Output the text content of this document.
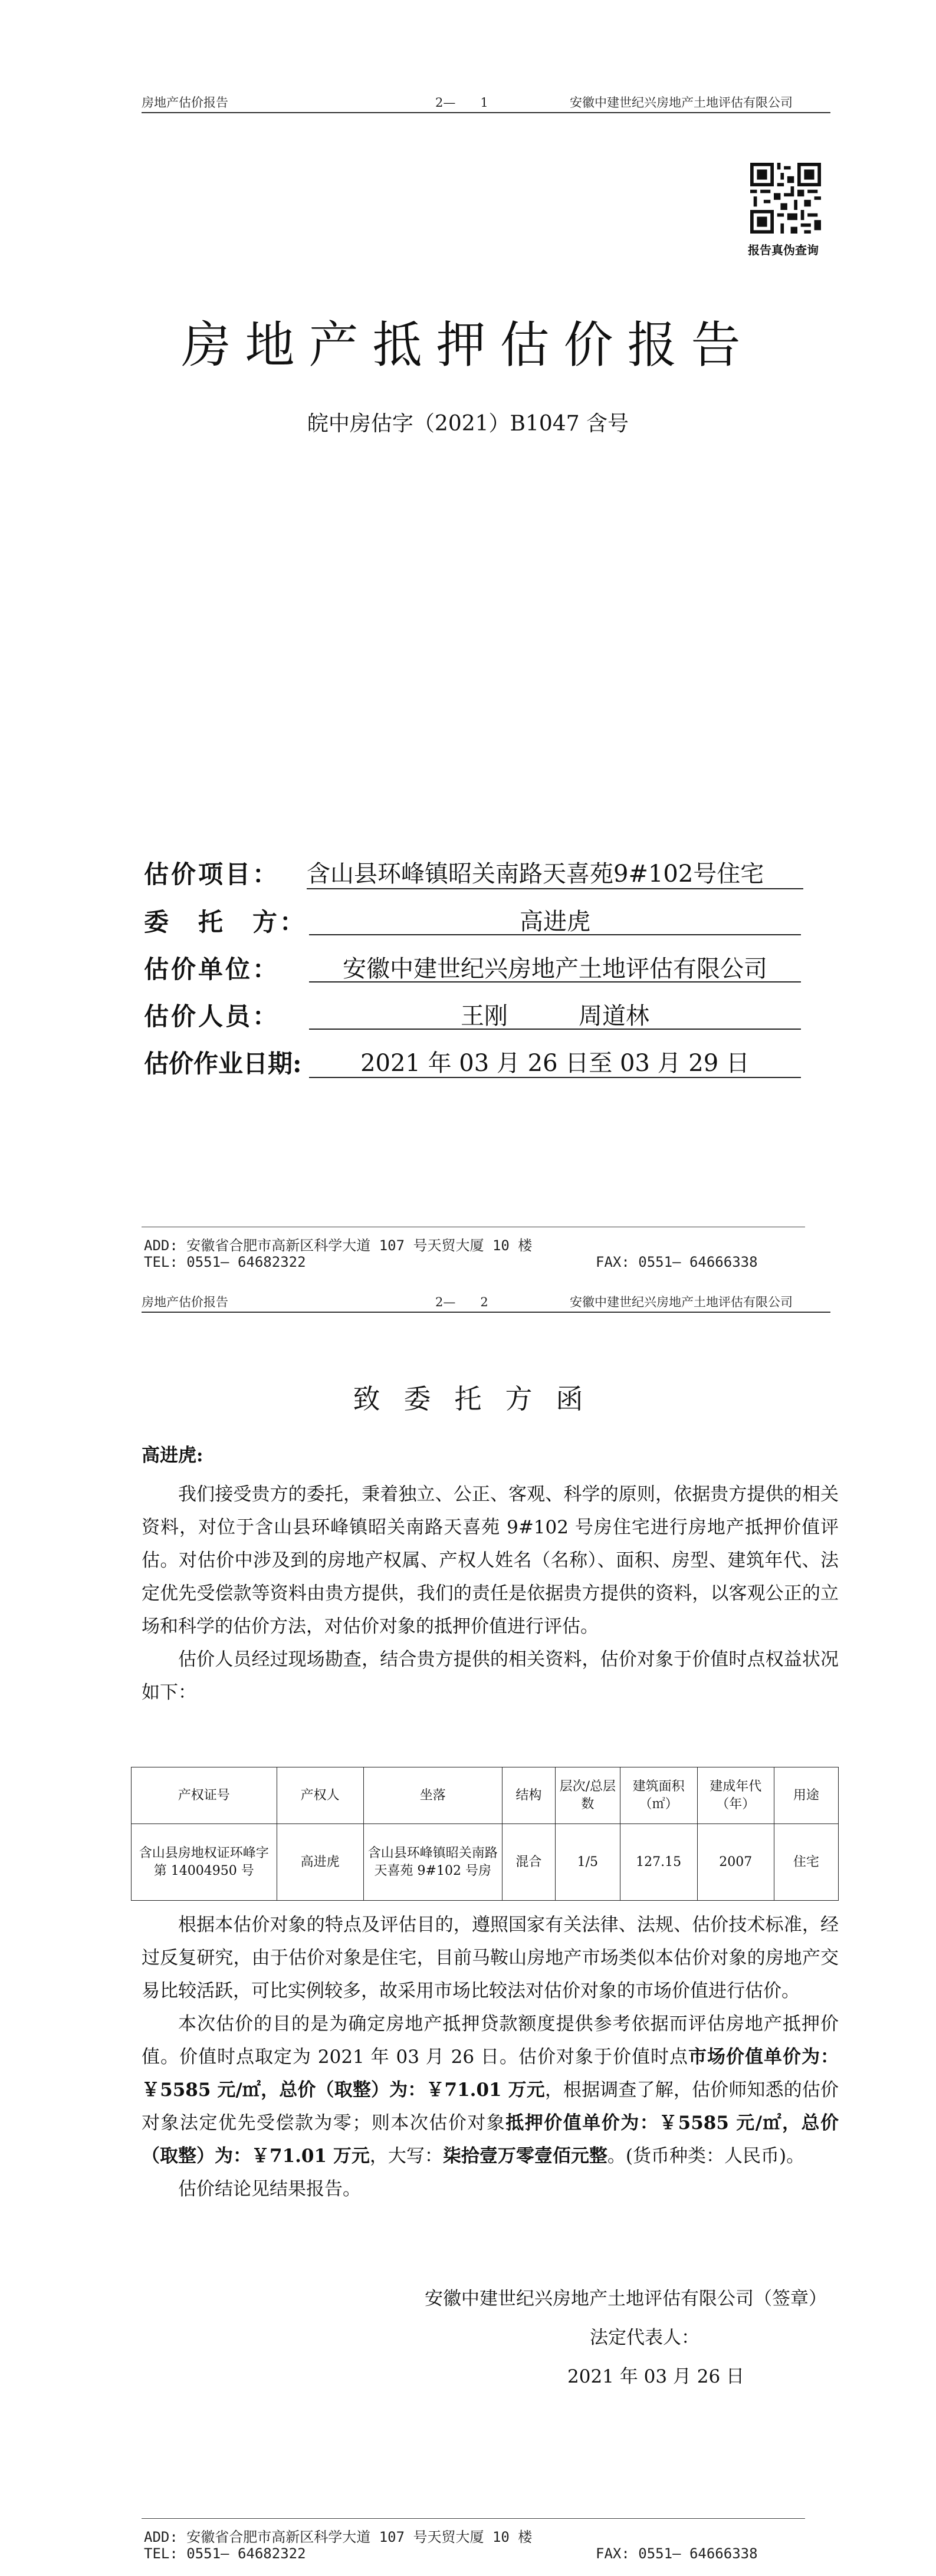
房地产估价报告	2—　　1	安徽中建世纪兴房地产土地评估有限公司
报告真伪查询
房地产抵押估价报告
皖中房估字（2021）B1047 含号
估价项目： 含山县环峰镇昭关南路天喜苑9#102号住宅
委　托　方：	高进虎
估价单位：	安徽中建世纪兴房地产土地评估有限公司
估价人员：	王刚　　　周道林
估价作业日期:	2021 年 03 月 26 日至 03 月 29 日
ADD: 安徽省合肥市高新区科学大道 107 号天贸大厦 10 楼
TEL: 0551— 64682322	FAX: 0551— 64666338
房地产估价报告	2—　　2	安徽中建世纪兴房地产土地评估有限公司
致委托方函
高进虎:

我们接受贵方的委托，秉着独立、公正、客观、科学的原则，依据贵方提供的相关资料，对位于含山县环峰镇昭关南路天喜苑 9#102 号房住宅进行房地产抵押价值评估。对估价中涉及到的房地产权属、产权人姓名（名称）、面积、房型、建筑年代、法定优先受偿款等资料由贵方提供，我们的责任是依据贵方提供的资料，以客观公正的立场和科学的估价方法，对估价对象的抵押价值进行评估。

估价人员经过现场勘查，结合贵方提供的相关资料，估价对象于价值时点权益状况如下：

产权证号	产权人	坐落	结构	层次/总层数	建筑面积（㎡）	建成年代（年）	用途
含山县房地权证环峰字第 14004950 号	高进虎	含山县环峰镇昭关南路天喜苑 9#102 号房	混合	1/5	127.15	2007	住宅

根据本估价对象的特点及评估目的，遵照国家有关法律、法规、估价技术标准，经过反复研究，由于估价对象是住宅，目前马鞍山房地产市场类似本估价对象的房地产交易比较活跃，可比实例较多，故采用市场比较法对估价对象的市场价值进行估价。

本次估价的目的是为确定房地产抵押贷款额度提供参考依据而评估房地产抵押价值。价值时点取定为 2021 年 03 月 26 日。估价对象于价值时点市场价值单价为：￥5585 元/㎡，总价（取整）为：￥71.01 万元，根据调查了解，估价师知悉的估价对象法定优先受偿款为零；则本次估价对象抵押价值单价为：￥5585 元/㎡，总价（取整）为：￥71.01 万元，大写：柒拾壹万零壹佰元整。(货币种类：人民币)。

估价结论见结果报告。

安徽中建世纪兴房地产土地评估有限公司（签章）
法定代表人：
2021 年 03 月 26 日
ADD: 安徽省合肥市高新区科学大道 107 号天贸大厦 10 楼
TEL: 0551— 64682322	FAX: 0551— 64666338
